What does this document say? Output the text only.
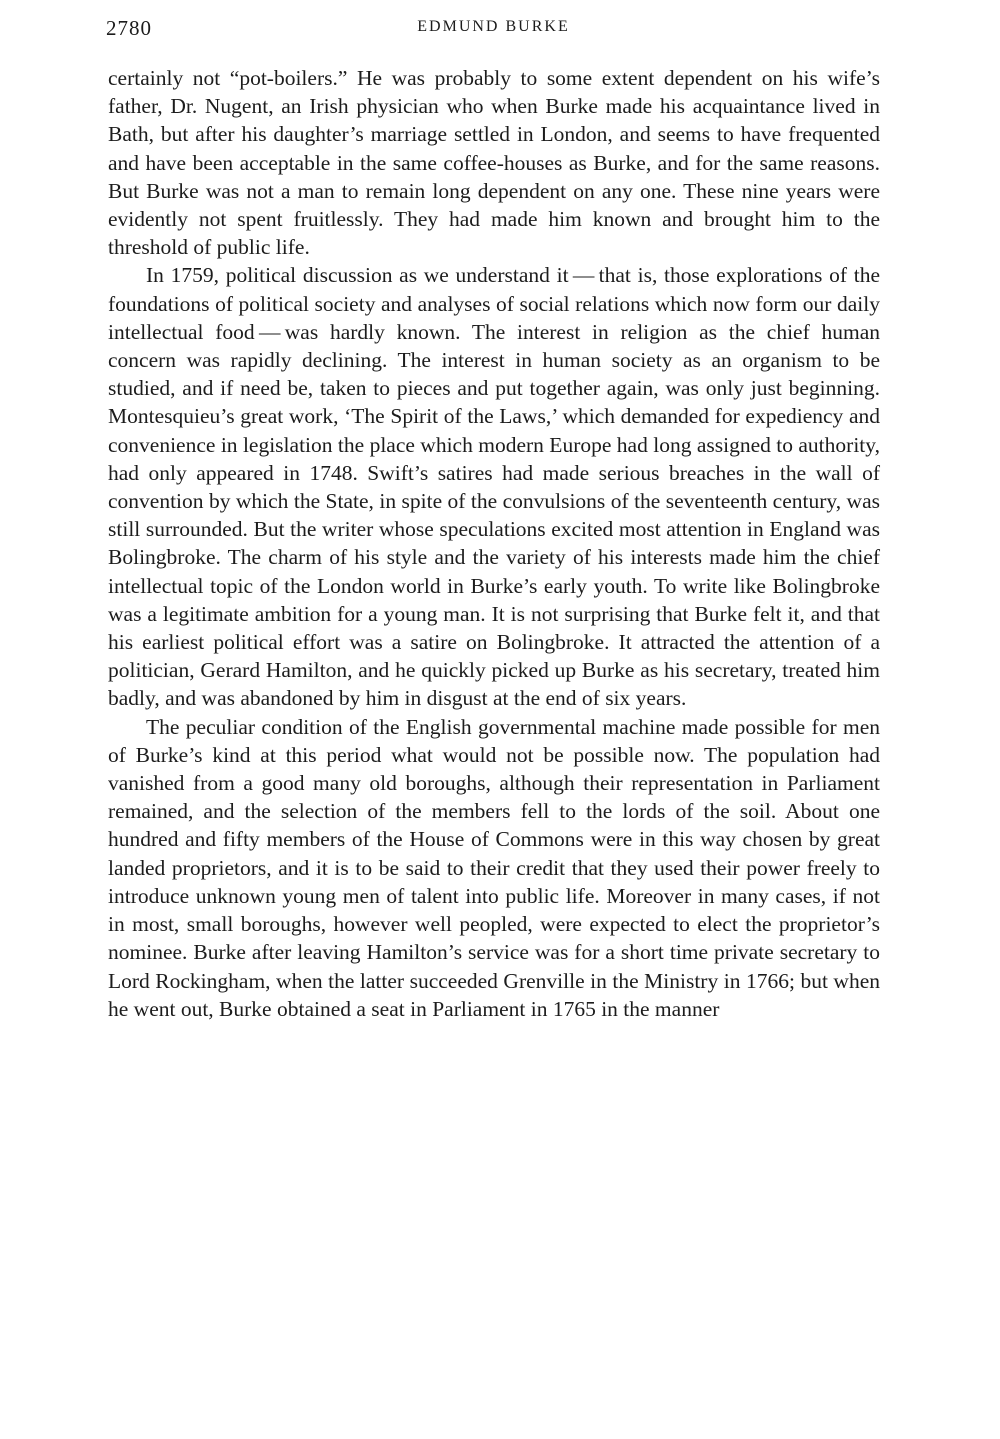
2780	EDMUND BURKE

certainly not “pot-boilers.” He was probably to some extent dependent on his wife’s father, Dr. Nugent, an Irish physician who when Burke made his acquaintance lived in Bath, but after his daughter’s marriage settled in London, and seems to have frequented and have been acceptable in the same coffee-houses as Burke, and for the same reasons. But Burke was not a man to remain long dependent on any one. These nine years were evidently not spent fruitlessly. They had made him known and brought him to the threshold of public life.

In 1759, political discussion as we understand it — that is, those explorations of the foundations of political society and analyses of social relations which now form our daily intellectual food — was hardly known. The interest in religion as the chief human concern was rapidly declining. The interest in human society as an organism to be studied, and if need be, taken to pieces and put together again, was only just beginning. Montesquieu’s great work, ‘The Spirit of the Laws,’ which demanded for expediency and convenience in legislation the place which modern Europe had long assigned to authority, had only appeared in 1748. Swift’s satires had made serious breaches in the wall of convention by which the State, in spite of the convulsions of the seventeenth century, was still surrounded. But the writer whose speculations excited most attention in England was Bolingbroke. The charm of his style and the variety of his interests made him the chief intellectual topic of the London world in Burke’s early youth. To write like Bolingbroke was a legitimate ambition for a young man. It is not surprising that Burke felt it, and that his earliest political effort was a satire on Bolingbroke. It attracted the attention of a politician, Gerard Hamilton, and he quickly picked up Burke as his secretary, treated him badly, and was abandoned by him in disgust at the end of six years.

The peculiar condition of the English governmental machine made possible for men of Burke’s kind at this period what would not be possible now. The population had vanished from a good many old boroughs, although their representation in Parliament remained, and the selection of the members fell to the lords of the soil. About one hundred and fifty members of the House of Commons were in this way chosen by great landed proprietors, and it is to be said to their credit that they used their power freely to introduce unknown young men of talent into public life. Moreover in many cases, if not in most, small boroughs, however well peopled, were expected to elect the proprietor’s nominee. Burke after leaving Hamilton’s service was for a short time private secretary to Lord Rockingham, when the latter succeeded Grenville in the Ministry in 1766; but when he went out, Burke obtained a seat in Parliament in 1765 in the manner
